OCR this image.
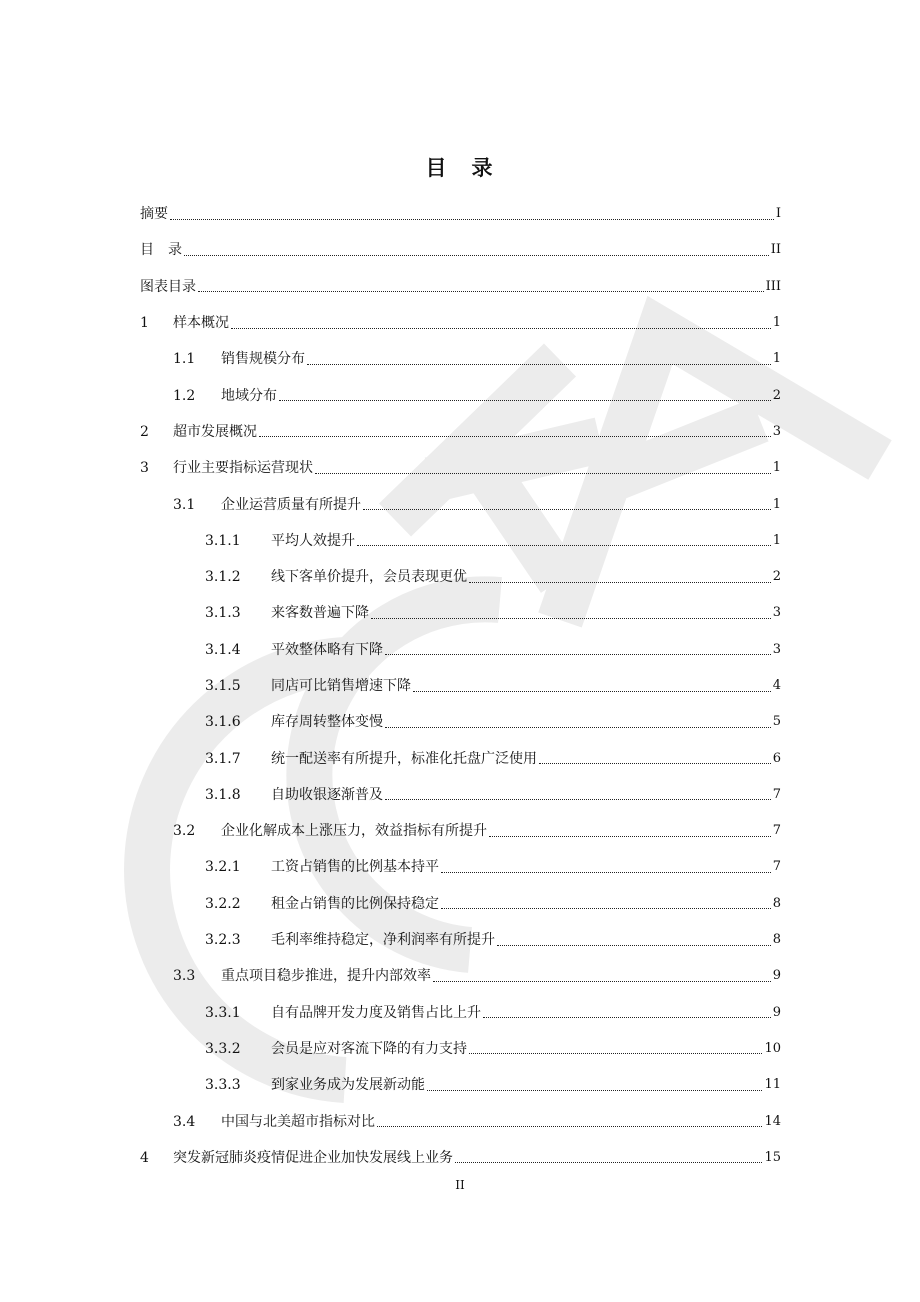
目　录
摘要	I
目　录	II
图表目录	III
1	样本概况	1
1.1	销售规模分布	1
1.2	地域分布	2
2	超市发展概况	3
3	行业主要指标运营现状	1
3.1	企业运营质量有所提升	1
3.1.1	平均人效提升	1
3.1.2	线下客单价提升，会员表现更优	2
3.1.3	来客数普遍下降	3
3.1.4	平效整体略有下降	3
3.1.5	同店可比销售增速下降	4
3.1.6	库存周转整体变慢	5
3.1.7	统一配送率有所提升，标准化托盘广泛使用	6
3.1.8	自助收银逐渐普及	7
3.2	企业化解成本上涨压力，效益指标有所提升	7
3.2.1	工资占销售的比例基本持平	7
3.2.2	租金占销售的比例保持稳定	8
3.2.3	毛利率维持稳定，净利润率有所提升	8
3.3	重点项目稳步推进，提升内部效率	9
3.3.1	自有品牌开发力度及销售占比上升	9
3.3.2	会员是应对客流下降的有力支持	10
3.3.3	到家业务成为发展新动能	11
3.4	中国与北美超市指标对比	14
4	突发新冠肺炎疫情促进企业加快发展线上业务	15
II
